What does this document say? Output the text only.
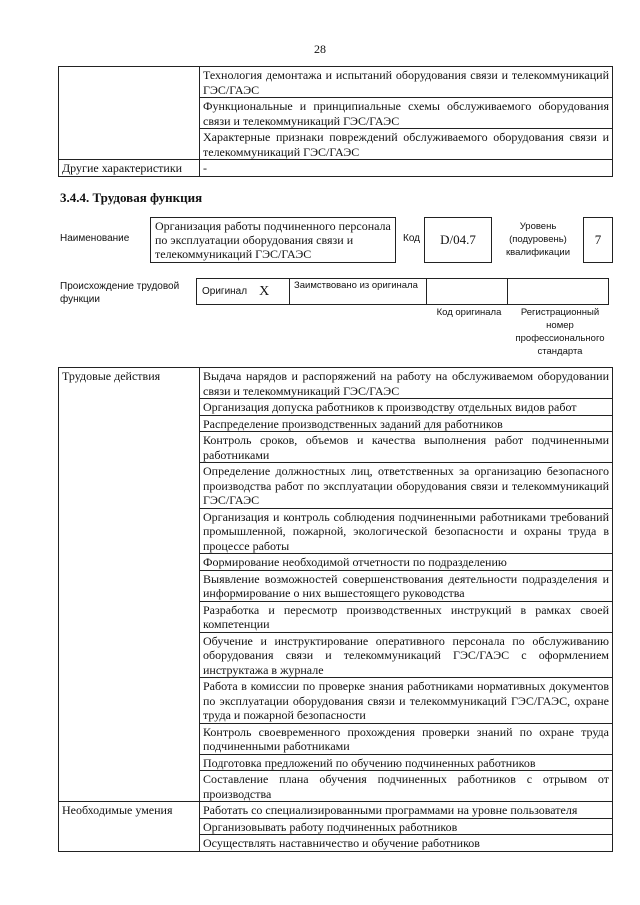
28
	Технология демонтажа и испытаний оборудования связи и телекоммуникаций ГЭС/ГАЭС
	Функциональные и принципиальные схемы обслуживаемого оборудования связи и телекоммуникаций ГЭС/ГАЭС
	Характерные признаки повреждений обслуживаемого оборудования связи и телекоммуникаций ГЭС/ГАЭС
Другие характеристики	-
3.4.4. Трудовая функция
Наименование
Организация работы подчиненного персонала по эксплуатации оборудования связи и телекоммуникаций ГЭС/ГАЭС
Код	D/04.7
Уровень (подуровень) квалификации
7
Происхождение трудовой функции
Оригинал X	Заимствовано из оригинала
Код оригинала	Регистрационный номер профессионального стандарта
Трудовые действия	Выдача нарядов и распоряжений на работу на обслуживаемом оборудовании связи и телекоммуникаций ГЭС/ГАЭС
	Организация допуска работников к производству отдельных видов работ
	Распределение производственных заданий для работников
	Контроль сроков, объемов и качества выполнения работ подчиненными работниками
	Определение должностных лиц, ответственных за организацию безопасного производства работ по эксплуатации оборудования связи и телекоммуникаций ГЭС/ГАЭС
	Организация и контроль соблюдения подчиненными работниками требований промышленной, пожарной, экологической безопасности и охраны труда в процессе работы
	Формирование необходимой отчетности по подразделению
	Выявление возможностей совершенствования деятельности подразделения и информирование о них вышестоящего руководства
	Разработка и пересмотр производственных инструкций в рамках своей компетенции
	Обучение и инструктирование оперативного персонала по обслуживанию оборудования связи и телекоммуникаций ГЭС/ГАЭС с оформлением инструктажа в журнале
	Работа в комиссии по проверке знания работниками нормативных документов по эксплуатации оборудования связи и телекоммуникаций ГЭС/ГАЭС, охране труда и пожарной безопасности
	Контроль своевременного прохождения проверки знаний по охране труда подчиненными работниками
	Подготовка предложений по обучению подчиненных работников
	Составление плана обучения подчиненных работников с отрывом от производства
Необходимые умения	Работать со специализированными программами на уровне пользователя
	Организовывать работу подчиненных работников
	Осуществлять наставничество и обучение работников
